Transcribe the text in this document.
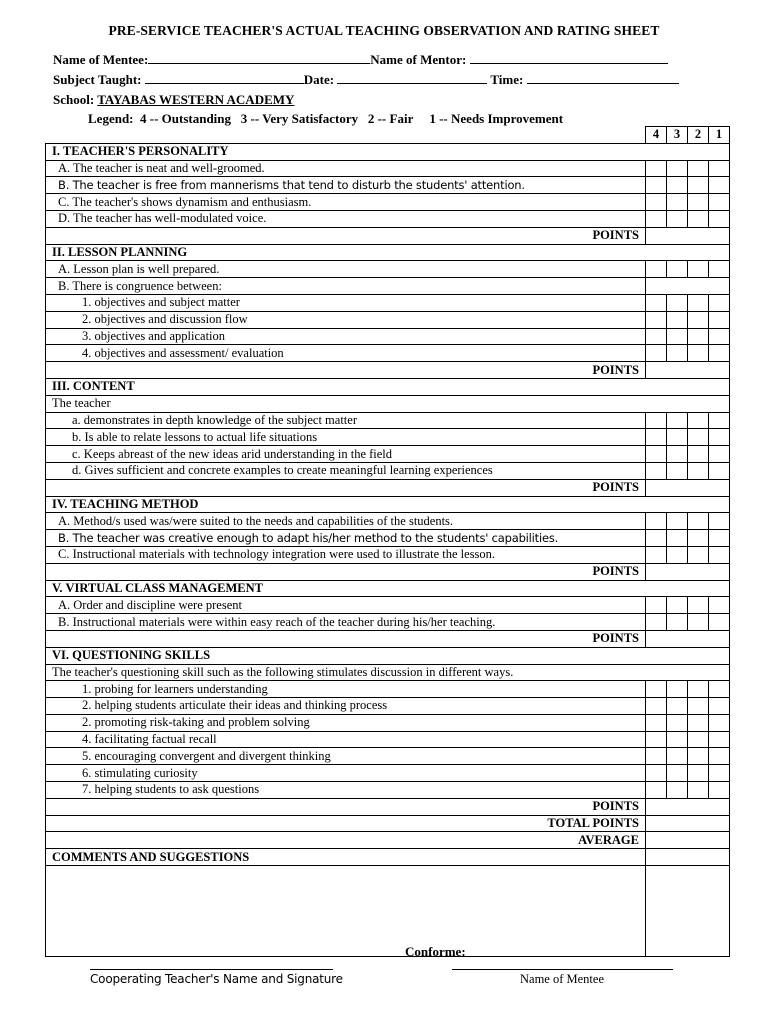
PRE-SERVICE TEACHER'S ACTUAL TEACHING OBSERVATION AND RATING SHEET
Name of Mentee:	Name of Mentor:
Subject Taught:	Date:	Time:
School: TAYABAS WESTERN ACADEMY
Legend:  4 -- Outstanding   3 -- Very Satisfactory   2 -- Fair     1 -- Needs Improvement
	4	3	2	1
I. TEACHER'S PERSONALITY				
A. The teacher is neat and well-groomed.				
B. The teacher is free from mannerisms that tend to disturb the students' attention.				
C. The teacher's shows dynamism and enthusiasm.				
D. The teacher has well-modulated voice.				
POINTS				
II. LESSON PLANNING				
A. Lesson plan is well prepared.				
B. There is congruence between:				
1. objectives and subject matter				
2. objectives and discussion flow				
3. objectives and application				
4. objectives and assessment/ evaluation				
POINTS				
III. CONTENT				
The teacher				
a. demonstrates in depth knowledge of the subject matter				
b. Is able to relate lessons to actual life situations				
c. Keeps abreast of the new ideas arid understanding in the field				
d. Gives sufficient and concrete examples to create meaningful learning experiences				
POINTS				
IV. TEACHING METHOD				
A. Method/s used was/were suited to the needs and capabilities of the students.				
B. The teacher was creative enough to adapt his/her method to the students' capabilities.				
C. Instructional materials with technology integration were used to illustrate the lesson.				
POINTS				
V. VIRTUAL CLASS MANAGEMENT				
A. Order and discipline were present				
B. Instructional materials were within easy reach of the teacher during his/her teaching.				
POINTS				
VI. QUESTIONING SKILLS				
The teacher's questioning skill such as the following stimulates discussion in different ways.				
1. probing for learners understanding				
2. helping students articulate their ideas and thinking process				
2. promoting risk-taking and problem solving				
4. facilitating factual recall				
5. encouraging convergent and divergent thinking				
6. stimulating curiosity				
7. helping students to ask questions				
POINTS				
TOTAL POINTS				
AVERAGE				
COMMENTS AND SUGGESTIONS				

Conforme:
Cooperating Teacher's Name and Signature	Name of Mentee
